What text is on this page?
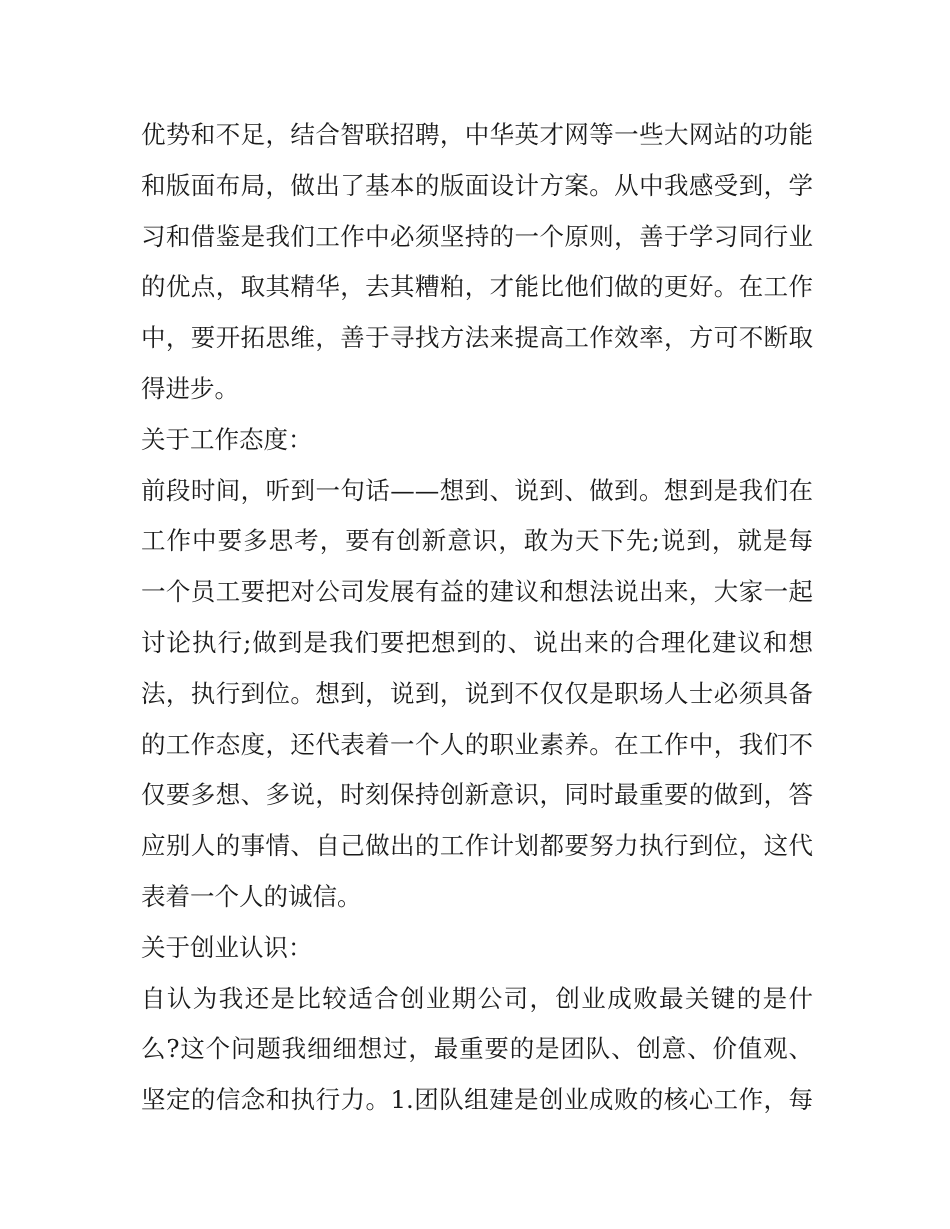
优势和不足，结合智联招聘，中华英才网等一些大网站的功能
和版面布局，做出了基本的版面设计方案。从中我感受到，学
习和借鉴是我们工作中必须坚持的一个原则，善于学习同行业
的优点，取其精华，去其糟粕，才能比他们做的更好。在工作
中，要开拓思维，善于寻找方法来提高工作效率，方可不断取
得进步。
关于工作态度：
前段时间，听到一句话——想到、说到、做到。想到是我们在
工作中要多思考，要有创新意识，敢为天下先;说到，就是每
一个员工要把对公司发展有益的建议和想法说出来，大家一起
讨论执行;做到是我们要把想到的、说出来的合理化建议和想
法，执行到位。想到，说到，说到不仅仅是职场人士必须具备
的工作态度，还代表着一个人的职业素养。在工作中，我们不
仅要多想、多说，时刻保持创新意识，同时最重要的做到，答
应别人的事情、自己做出的工作计划都要努力执行到位，这代
表着一个人的诚信。
关于创业认识：
自认为我还是比较适合创业期公司，创业成败最关键的是什
么?这个问题我细细想过，最重要的是团队、创意、价值观、
坚定的信念和执行力。1.团队组建是创业成败的核心工作，每
